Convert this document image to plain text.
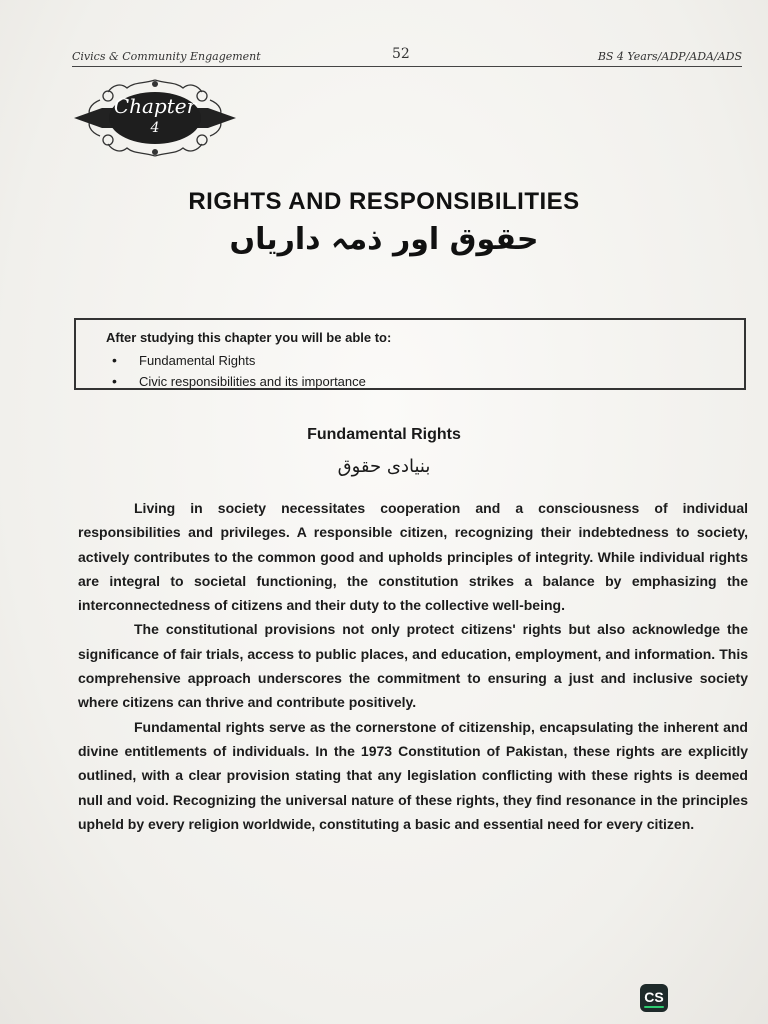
Civics & Community Engagement	52	BS 4 Years/ADP/ADA/ADS
Chapter
4
RIGHTS AND RESPONSIBILITIES
حقوق اور ذمہ داریاں
After studying this chapter you will be able to:
• Fundamental Rights
• Civic responsibilities and its importance
Fundamental Rights
بنیادی حقوق

Living in society necessitates cooperation and a consciousness of individual responsibilities and privileges. A responsible citizen, recognizing their indebtedness to society, actively contributes to the common good and upholds principles of integrity. While individual rights are integral to societal functioning, the constitution strikes a balance by emphasizing the interconnectedness of citizens and their duty to the collective well-being.

The constitutional provisions not only protect citizens' rights but also acknowledge the significance of fair trials, access to public places, and education, employment, and information. This comprehensive approach underscores the commitment to ensuring a just and inclusive society where citizens can thrive and contribute positively.

Fundamental rights serve as the cornerstone of citizenship, encapsulating the inherent and divine entitlements of individuals. In the 1973 Constitution of Pakistan, these rights are explicitly outlined, with a clear provision stating that any legislation conflicting with these rights is deemed null and void. Recognizing the universal nature of these rights, they find resonance in the principles upheld by every religion worldwide, constituting a basic and essential need for every citizen.

CS
